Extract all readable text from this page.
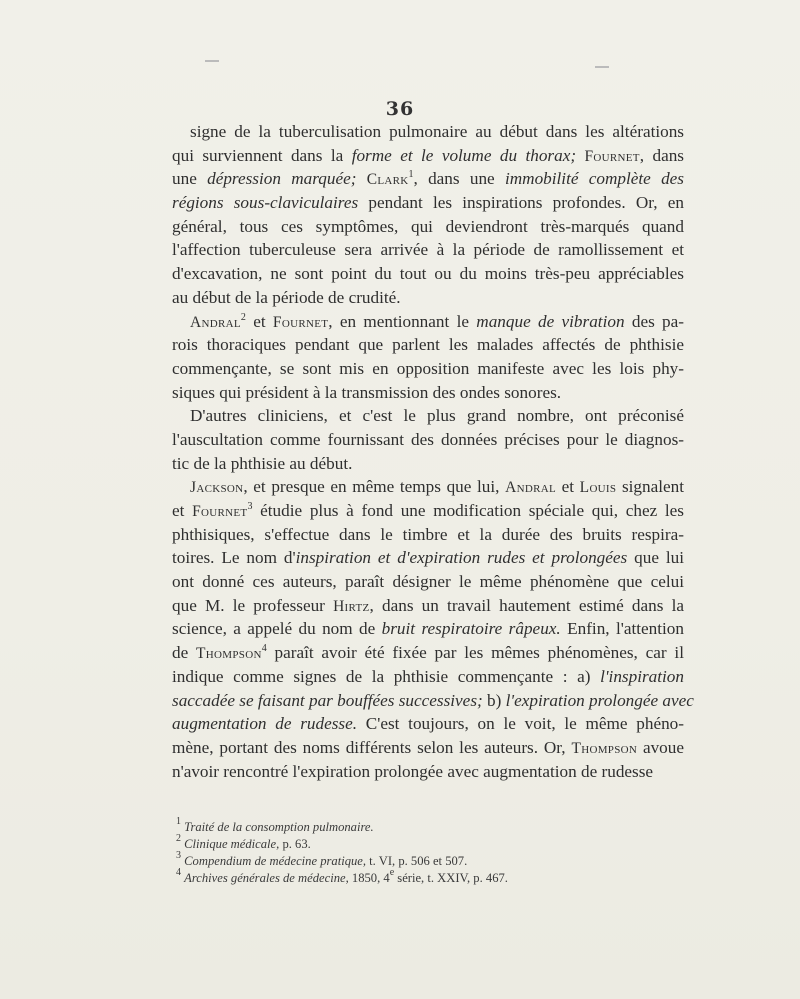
36
signe de la tuberculisation pulmonaire au début dans les altérations
qui surviennent dans la forme et le volume du thorax; Fournet, dans
une dépression marquée; Clark$^1$, dans une immobilité complète des
régions sous-claviculaires pendant les inspirations profondes. Or, en
général, tous ces symptômes, qui deviendront très-marqués quand
l'affection tuberculeuse sera arrivée à la période de ramollissement et
d'excavation, ne sont point du tout ou du moins très-peu appréciables
au début de la période de crudité.
Andral$^2$ et Fournet, en mentionnant le manque de vibration des pa-
rois thoraciques pendant que parlent les malades affectés de phthisie
commençante, se sont mis en opposition manifeste avec les lois phy-
siques qui président à la transmission des ondes sonores.
D'autres cliniciens, et c'est le plus grand nombre, ont préconisé
l'auscultation comme fournissant des données précises pour le diagnos-
tic de la phthisie au début.
Jackson, et presque en même temps que lui, Andral et Louis signalent
et Fournet$^3$ étudie plus à fond une modification spéciale qui, chez les
phthisiques, s'effectue dans le timbre et la durée des bruits respira-
toires. Le nom d'inspiration et d'expiration rudes et prolongées que lui
ont donné ces auteurs, paraît désigner le même phénomène que celui
que M. le professeur Hirtz, dans un travail hautement estimé dans la
science, a appelé du nom de bruit respiratoire râpeux. Enfin, l'attention
de Thompson$^4$ paraît avoir été fixée par les mêmes phénomènes, car il
indique comme signes de la phthisie commençante : a) l'inspiration
saccadée se faisant par bouffées successives; b) l'expiration prolongée avec
augmentation de rudesse. C'est toujours, on le voit, le même phéno-
mène, portant des noms différents selon les auteurs. Or, Thompson avoue
n'avoir rencontré l'expiration prolongée avec augmentation de rudesse
$^1$ Traité de la consomption pulmonaire.
$^2$ Clinique médicale, p. 63.
$^3$ Compendium de médecine pratique, t. VI, p. 506 et 507.
$^4$ Archives générales de médecine, 1850, 4e série, t. XXIV, p. 467.
